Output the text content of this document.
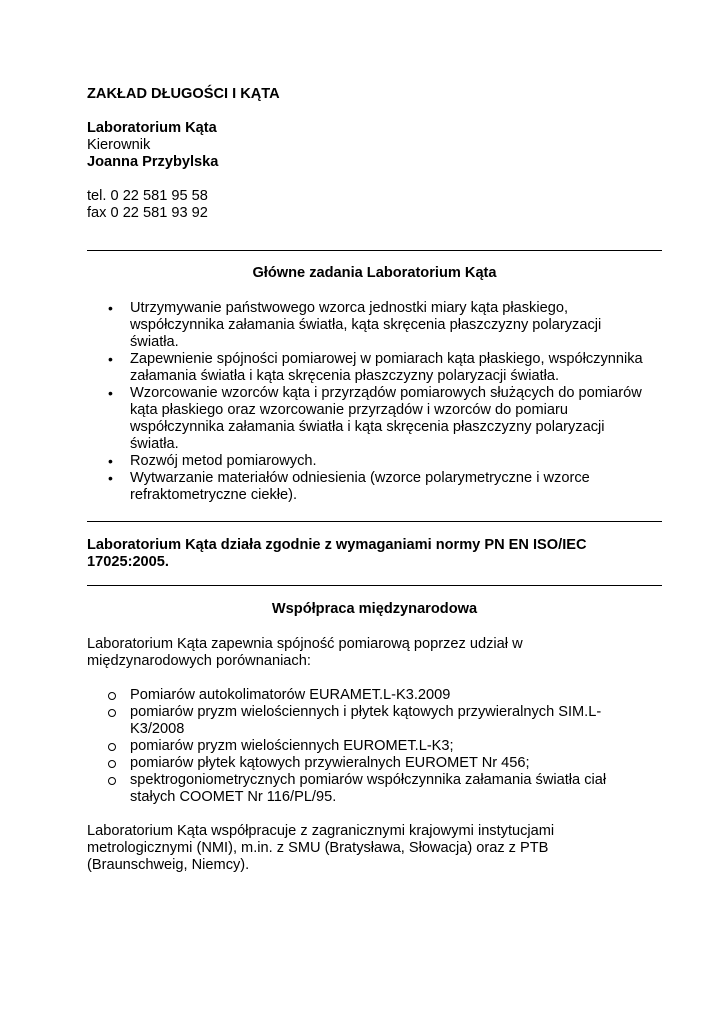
ZAKŁAD DŁUGOŚCI I KĄTA

Laboratorium Kąta

Kierownik

Joanna Przybylska

tel. 0 22 581 95 58

fax 0 22 581 93 92

Główne zadania Laboratorium Kąta

• Utrzymywanie państwowego wzorca jednostki miary kąta płaskiego, współczynnika załamania światła, kąta skręcenia płaszczyzny polaryzacji światła.
• Zapewnienie spójności pomiarowej w pomiarach kąta płaskiego, współczynnika załamania światła i kąta skręcenia płaszczyzny polaryzacji światła.
• Wzorcowanie wzorców kąta i przyrządów pomiarowych służących do pomiarów kąta płaskiego oraz wzorcowanie przyrządów i wzorców do pomiaru współczynnika załamania światła i kąta skręcenia płaszczyzny polaryzacji światła.
• Rozwój metod pomiarowych.
• Wytwarzanie materiałów odniesienia (wzorce polarymetryczne i wzorce refraktometryczne ciekłe).

Laboratorium Kąta działa zgodnie z wymaganiami normy PN EN ISO/IEC 17025:2005.

Współpraca międzynarodowa

Laboratorium Kąta zapewnia spójność pomiarową poprzez udział w międzynarodowych porównaniach:

Pomiarów autokolimatorów EURAMET.L-K3.2009
pomiarów pryzm wielościennych i płytek kątowych przywieralnych SIM.L-K3/2008
pomiarów pryzm wielościennych EUROMET.L-K3;
pomiarów płytek kątowych przywieralnych EUROMET Nr 456;
spektrogoniometrycznych pomiarów współczynnika załamania światła ciał stałych COOMET Nr 116/PL/95.

Laboratorium Kąta współpracuje z zagranicznymi krajowymi instytucjami metrologicznymi (NMI), m.in. z SMU (Bratysława, Słowacja) oraz z PTB (Braunschweig, Niemcy).
